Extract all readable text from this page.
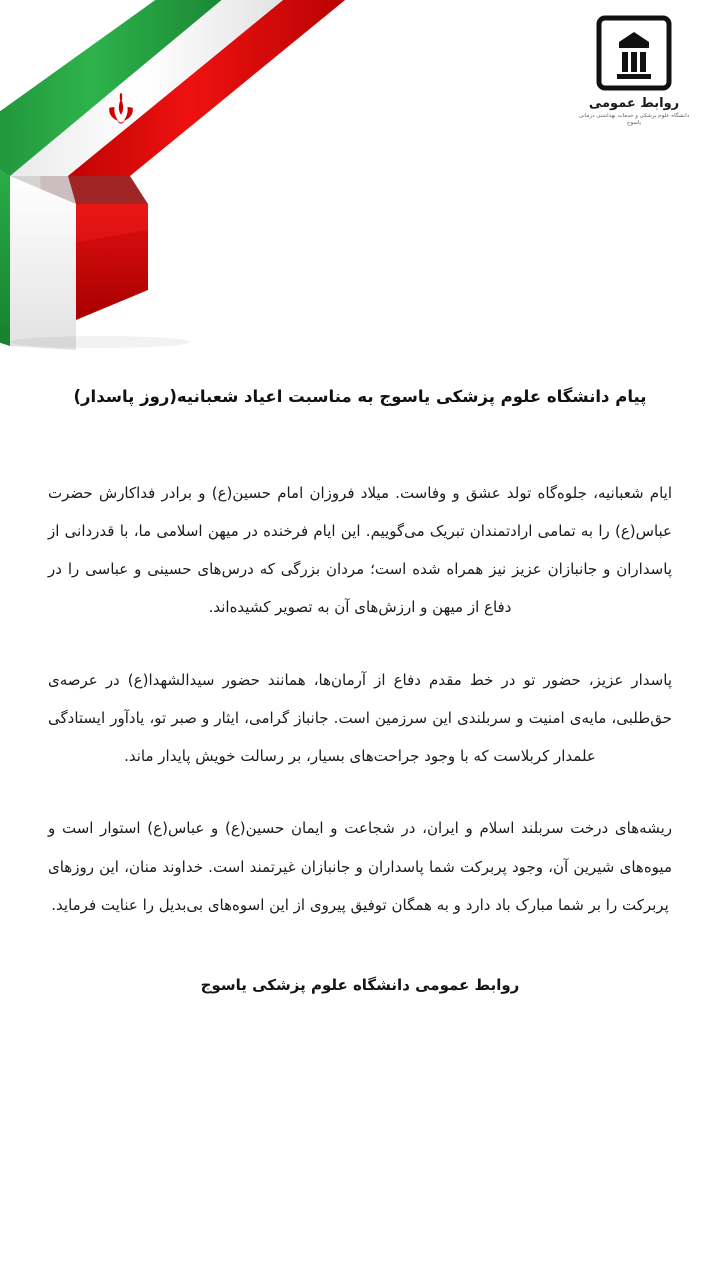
روابط عمومی
دانشگاه علوم پزشکی و خدمات بهداشتی درمانی یاسوج
پیام دانشگاه علوم پزشکی یاسوج به مناسبت اعیاد شعبانیه(روز پاسدار)

ایام شعبانیه، جلوه‌گاه تولد عشق و وفاست. میلاد فروزان امام حسین(ع) و برادر فداکارش حضرت عباس(ع) را به تمامی ارادتمندان تبریک می‌گوییم. این ایام فرخنده در میهن اسلامی ما، با قدردانی از پاسداران و جانبازان عزیز نیز همراه شده است؛ مردان بزرگی که درس‌های حسینی و عباسی را در دفاع از میهن و ارزش‌های آن به تصویر کشیده‌اند.

پاسدار عزیز، حضور تو در خط مقدم دفاع از آرمان‌ها، همانند حضور سیدالشهدا(ع) در عرصه‌ی حق‌طلبی، مایه‌ی امنیت و سربلندی این سرزمین است. جانباز گرامی، ایثار و صبر تو، یادآور ایستادگی علمدار کربلاست که با وجود جراحت‌های بسیار، بر رسالت خویش پایدار ماند.

ریشه‌های درخت سربلند اسلام و ایران، در شجاعت و ایمان حسین(ع) و عباس(ع) استوار است و میوه‌های شیرین آن، وجود پربرکت شما پاسداران و جانبازان غیرتمند است. خداوند منان، این روزهای پربرکت را بر شما مبارک باد دارد و به همگان توفیق پیروی از این اسوه‌های بی‌بدیل را عنایت فرماید.

روابط عمومی دانشگاه علوم پزشکی یاسوج
